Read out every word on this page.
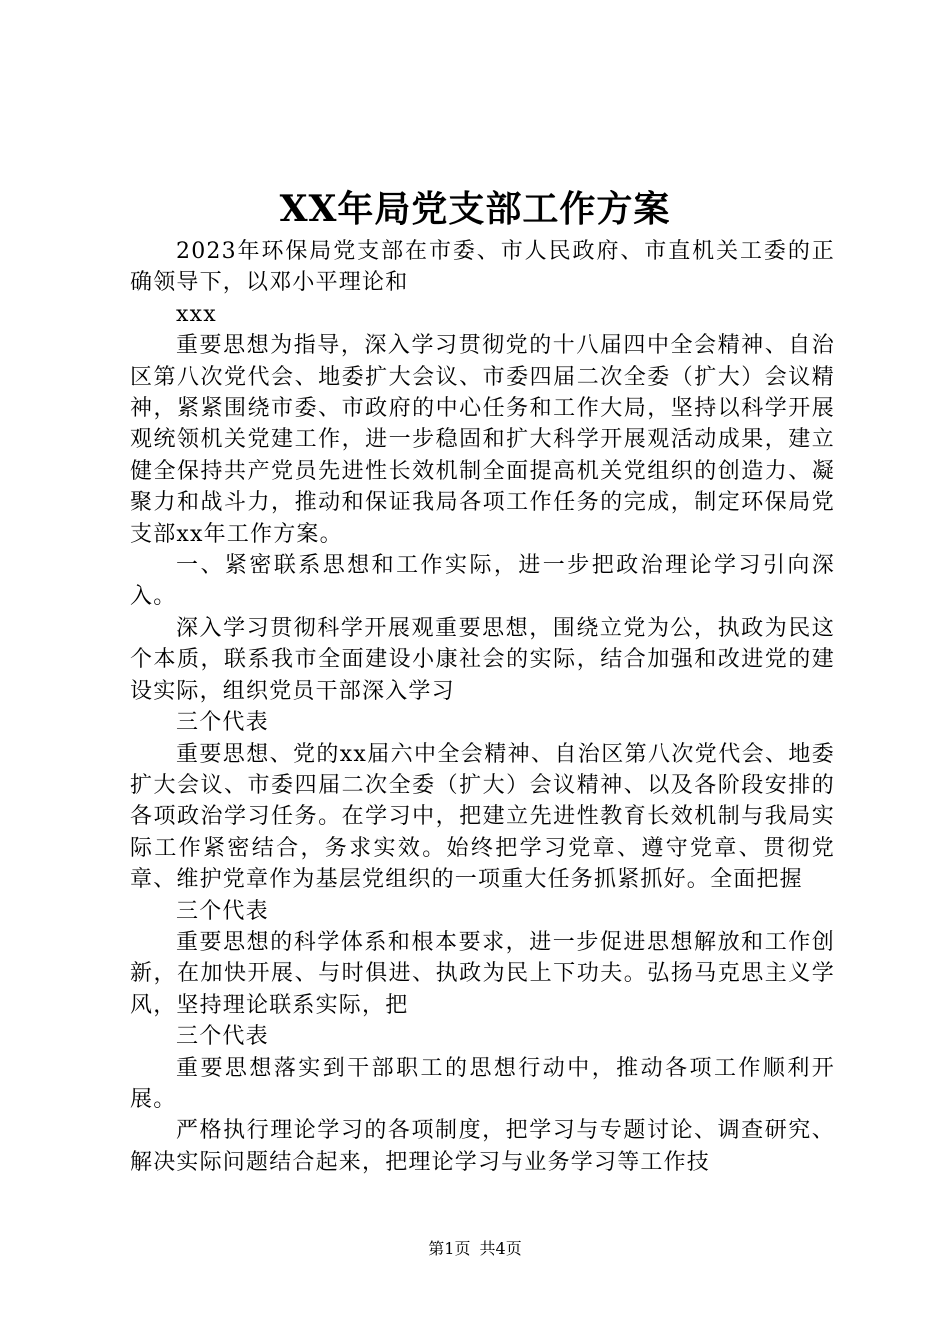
XX年局党支部工作方案

2023年环保局党支部在市委、市人民政府、市直机关工委的正确领导下，以邓小平理论和

xxx

重要思想为指导，深入学习贯彻党的十八届四中全会精神、自治区第八次党代会、地委扩大会议、市委四届二次全委（扩大）会议精神，紧紧围绕市委、市政府的中心任务和工作大局，坚持以科学开展观统领机关党建工作，进一步稳固和扩大科学开展观活动成果，建立健全保持共产党员先进性长效机制全面提高机关党组织的创造力、凝聚力和战斗力，推动和保证我局各项工作任务的完成，制定环保局党支部xx年工作方案。

一、紧密联系思想和工作实际，进一步把政治理论学习引向深入。

深入学习贯彻科学开展观重要思想，围绕立党为公，执政为民这个本质，联系我市全面建设小康社会的实际，结合加强和改进党的建设实际，组织党员干部深入学习

三个代表

重要思想、党的xx届六中全会精神、自治区第八次党代会、地委扩大会议、市委四届二次全委（扩大）会议精神、以及各阶段安排的各项政治学习任务。在学习中，把建立先进性教育长效机制与我局实际工作紧密结合，务求实效。始终把学习党章、遵守党章、贯彻党章、维护党章作为基层党组织的一项重大任务抓紧抓好。全面把握

三个代表

重要思想的科学体系和根本要求，进一步促进思想解放和工作创新，在加快开展、与时俱进、执政为民上下功夫。弘扬马克思主义学风，坚持理论联系实际，把

三个代表

重要思想落实到干部职工的思想行动中，推动各项工作顺利开展。

严格执行理论学习的各项制度，把学习与专题讨论、调查研究、解决实际问题结合起来，把理论学习与业务学习等工作技

第1页 共4页
